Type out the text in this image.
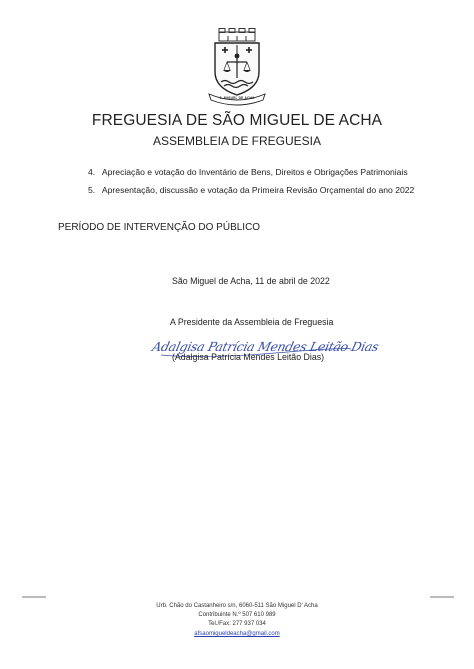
S. MIGUEL DE ACHA
FREGUESIA DE SÃO MIGUEL DE ACHA
ASSEMBLEIA DE FREGUESIA
4. Apreciação e votação do Inventário de Bens, Direitos e Obrigações Patrimoniais
5. Apresentação, discussão e votação da Primeira Revisão Orçamental do ano 2022
PERÍODO DE INTERVENÇÃO DO PÚBLICO
São Miguel de Acha, 11 de abril de 2022
A Presidente da Assembleia de Freguesia
Adalgisa Patrícia Mendes Leitão Dias
(Adalgisa Patrícia Mendes Leitão Dias)
Urb. Chão do Castanheiro s/n, 6060-511 São Miguel D' Acha
Contribuinte N.º 507 610 989
Tel./Fax: 277 937 034
afsaomigueldeacha@gmail.com
